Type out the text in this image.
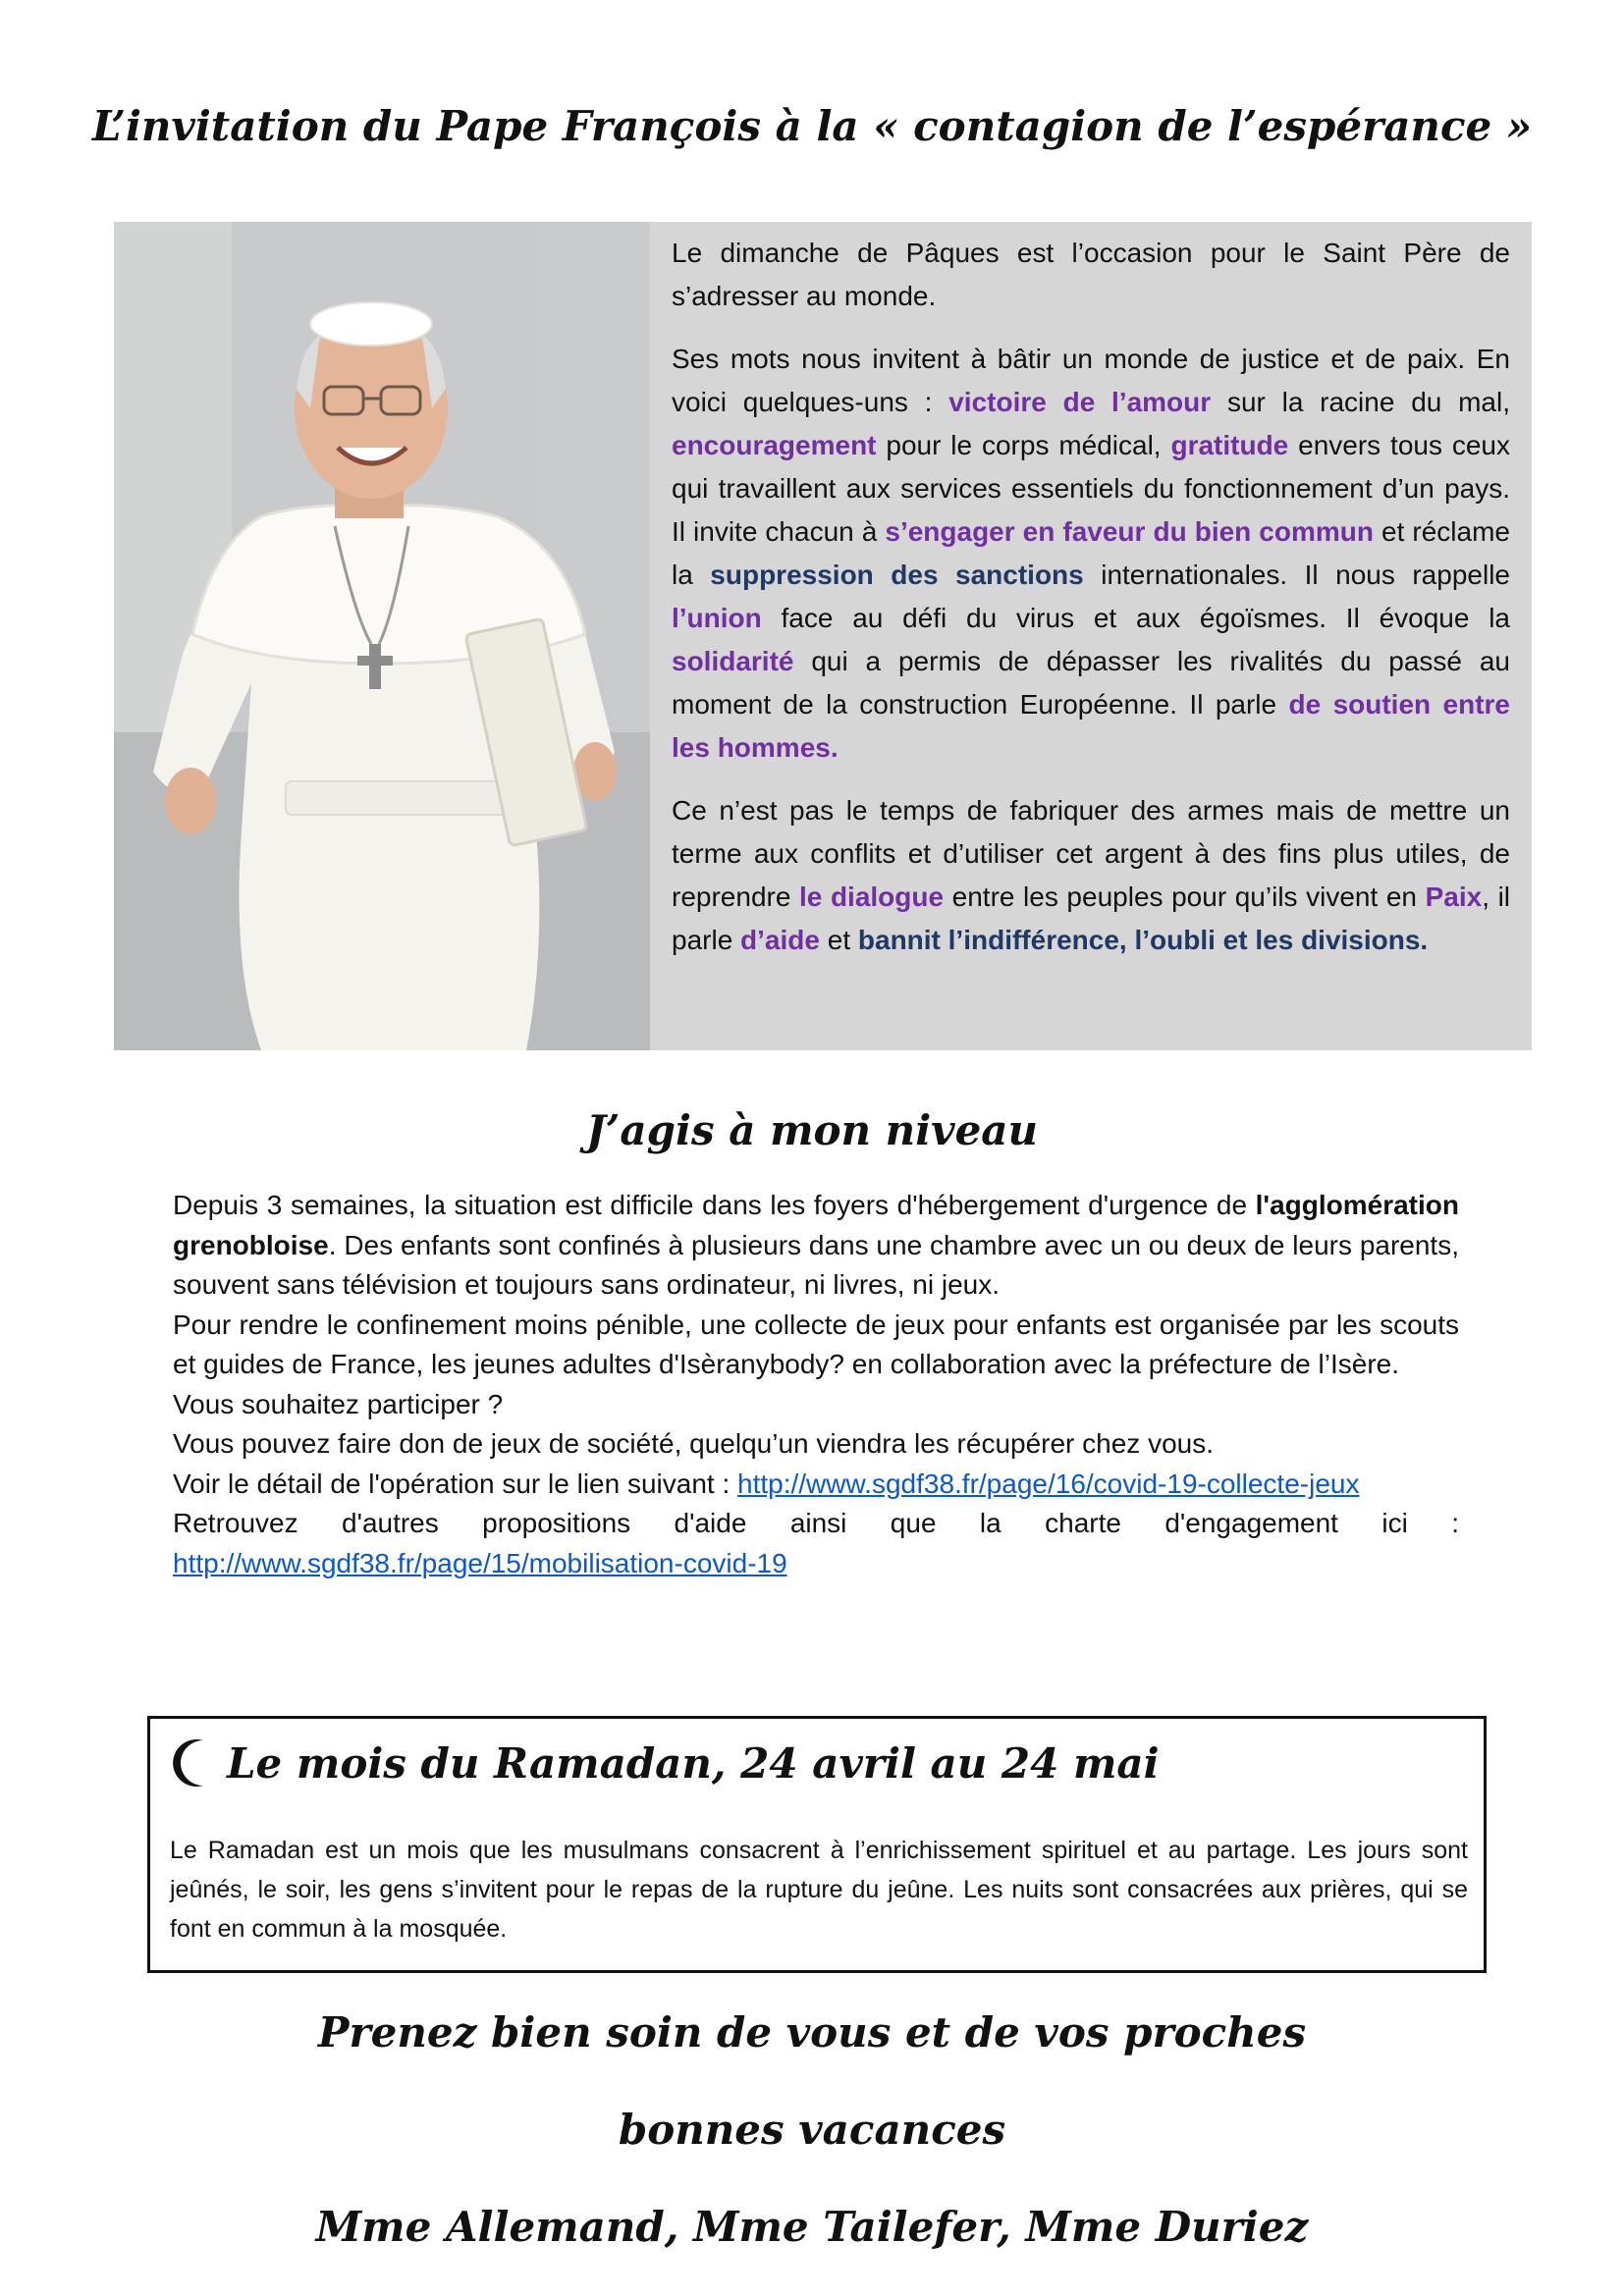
L’invitation du Pape François à la « contagion de l’espérance »

Le dimanche de Pâques est l’occasion pour le Saint Père de s’adresser au monde.

Ses mots nous invitent à bâtir un monde de justice et de paix. En voici quelques-uns : victoire de l’amour sur la racine du mal, encouragement pour le corps médical, gratitude envers tous ceux qui travaillent aux services essentiels du fonctionnement d’un pays. Il invite chacun à s’engager en faveur du bien commun et réclame la suppression des sanctions internationales. Il nous rappelle l’union face au défi du virus et aux égoïsmes. Il évoque la solidarité qui a permis de dépasser les rivalités du passé au moment de la construction Européenne. Il parle de soutien entre les hommes.

Ce n’est pas le temps de fabriquer des armes mais de mettre un terme aux conflits et d’utiliser cet argent à des fins plus utiles, de reprendre le dialogue entre les peuples pour qu’ils vivent en Paix, il parle d’aide et bannit l’indifférence, l’oubli et les divisions.

J’agis à mon niveau

Depuis 3 semaines, la situation est difficile dans les foyers d'hébergement d'urgence de l'agglomération grenobloise. Des enfants sont confinés à plusieurs dans une chambre avec un ou deux de leurs parents, souvent sans télévision et toujours sans ordinateur, ni livres, ni jeux.

Pour rendre le confinement moins pénible, une collecte de jeux pour enfants est organisée par les scouts et guides de France, les jeunes adultes d'Isèranybody? en collaboration avec la préfecture de l’Isère.

Vous souhaitez participer ?

Vous pouvez faire don de jeux de société, quelqu’un viendra les récupérer chez vous.

Voir le détail de l'opération sur le lien suivant : http://www.sgdf38.fr/page/16/covid-19-collecte-jeux

Retrouvez d'autres propositions d'aide ainsi que la charte d'engagement ici : http://www.sgdf38.fr/page/15/mobilisation-covid-19

Le mois du Ramadan, 24 avril au 24 mai

Le Ramadan est un mois que les musulmans consacrent à l’enrichissement spirituel et au partage. Les jours sont jeûnés, le soir, les gens s’invitent pour le repas de la rupture du jeûne. Les nuits sont consacrées aux prières, qui se font en commun à la mosquée.

Prenez bien soin de vous et de vos proches

bonnes vacances

Mme Allemand, Mme Tailefer, Mme Duriez
